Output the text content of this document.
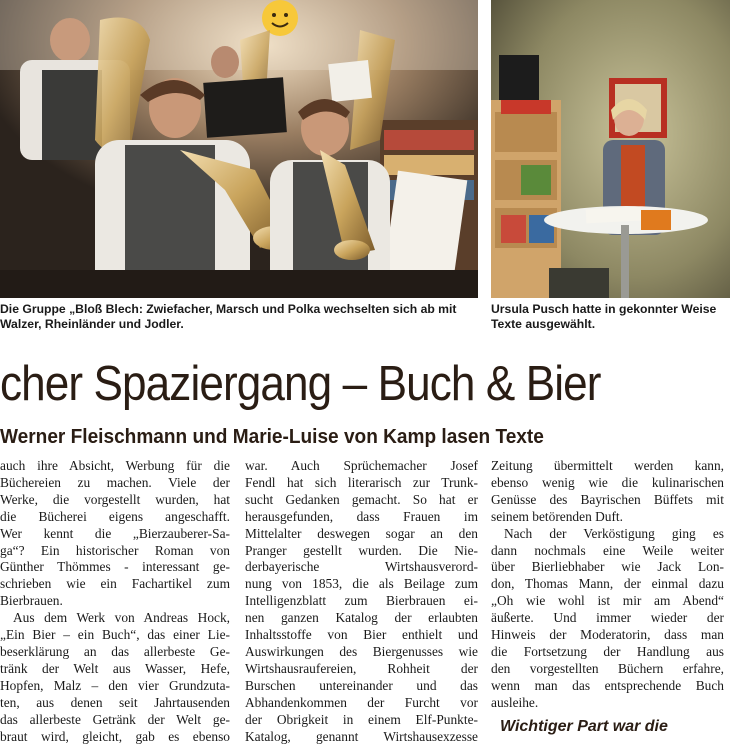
Die Gruppe „Bloß Blech: Zwiefacher, Marsch und Polka wechselten sich ab mit Walzer, Rheinländer und Jodler.
Ursula Pusch hatte in gekonnter Weise Texte ausgewählt.
cher Spaziergang – Buch & Bier
Werner Fleischmann und Marie-Luise von Kamp lasen Texte
auch ihre Absicht, Werbung für die
Büchereien zu machen. Viele der
Werke, die vorgestellt wurden, hat
die Bücherei eigens angeschafft.
Wer kennt die „Bierzauberer-Sa-
ga“? Ein historischer Roman von
Günther Thömmes - interessant ge-
schrieben wie ein Fachartikel zum
Bierbrauen.
Aus dem Werk von Andreas Hock,
„Ein Bier – ein Buch“, das einer Lie-
beserklärung an das allerbeste Ge-
tränk der Welt aus Wasser, Hefe,
Hopfen, Malz – den vier Grundzuta-
ten, aus denen seit Jahrtausenden
das allerbeste Getränk der Welt ge-
braut wird, gleicht, gab es ebenso
war. Auch Sprüchemacher Josef
Fendl hat sich literarisch zur Trunk-
sucht Gedanken gemacht. So hat er
herausgefunden, dass Frauen im
Mittelalter deswegen sogar an den
Pranger gestellt wurden. Die Nie-
derbayerische Wirtshausverord-
nung von 1853, die als Beilage zum
Intelligenzblatt zum Bierbrauen ei-
nen ganzen Katalog der erlaubten
Inhaltsstoffe von Bier enthielt und
Auswirkungen des Biergenusses wie
Wirtshausraufereien, Rohheit der
Burschen untereinander und das
Abhandenkommen der Furcht vor
der Obrigkeit in einem Elf-Punkte-
Katalog, genannt Wirtshausexzesse
Zeitung übermittelt werden kann,
ebenso wenig wie die kulinarischen
Genüsse des Bayrischen Büffets mit
seinem betörenden Duft.
Nach der Verköstigung ging es
dann nochmals eine Weile weiter
über Bierliebhaber wie Jack Lon-
don, Thomas Mann, der einmal dazu
„Oh wie wohl ist mir am Abend“
äußerte. Und immer wieder der
Hinweis der Moderatorin, dass man
die Fortsetzung der Handlung aus
den vorgestellten Büchern erfahre,
wenn man das entsprechende Buch
ausleihe.
Wichtiger Part war die
